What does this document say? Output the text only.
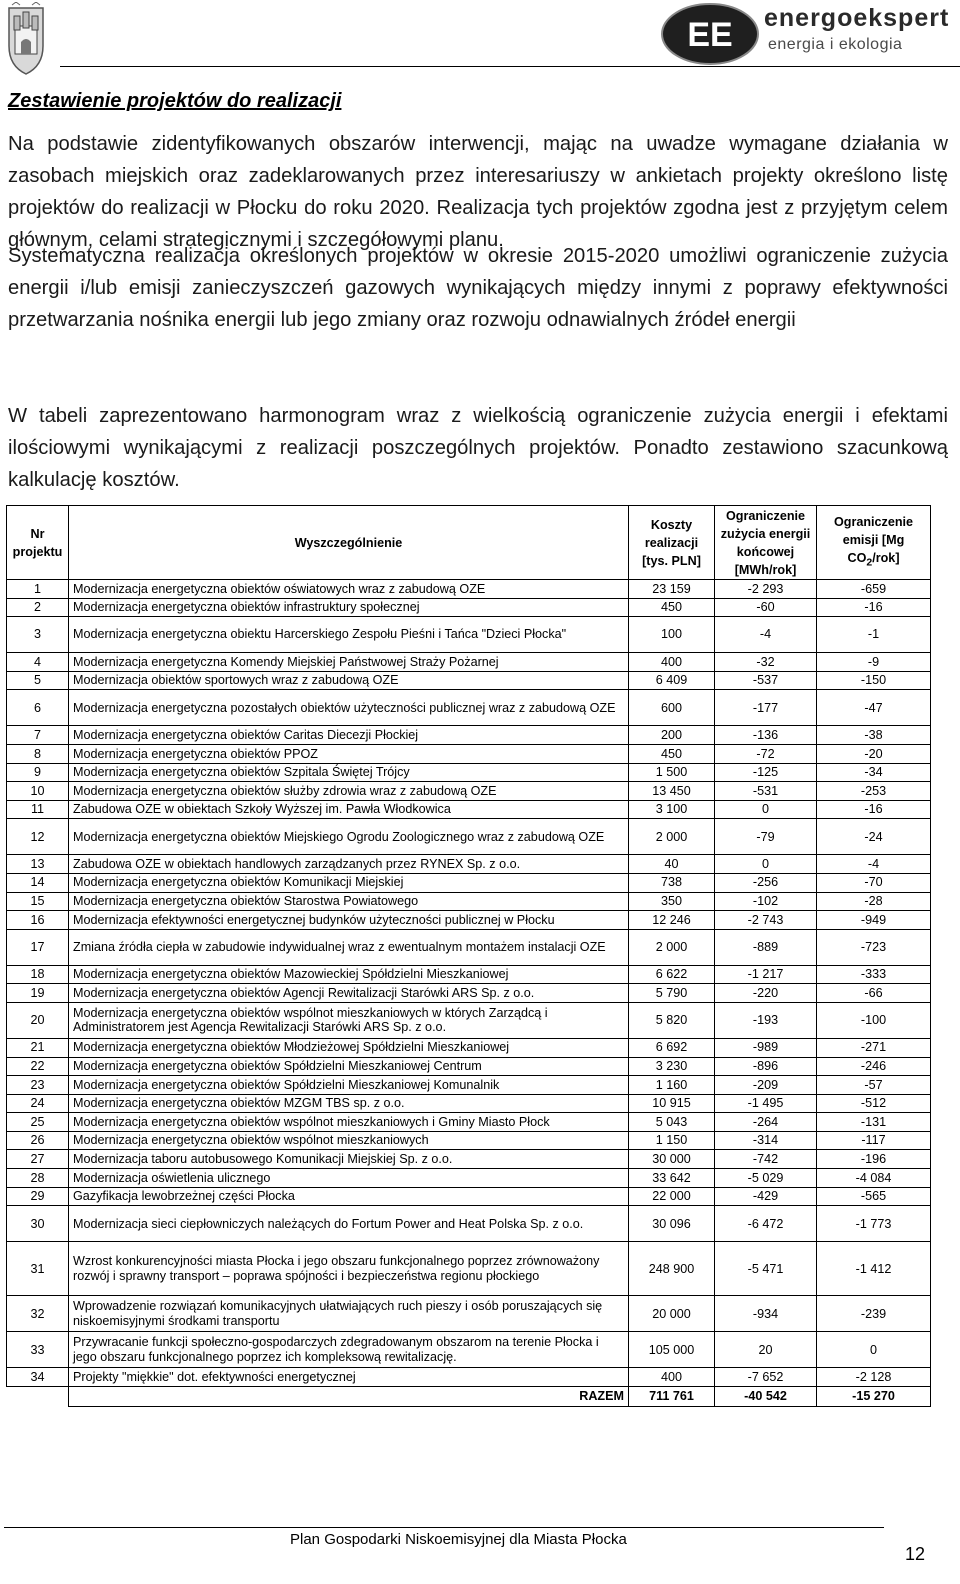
EE energoekspert
energia i ekologia
Zestawienie projektów do realizacji

Na podstawie zidentyfikowanych obszarów interwencji, mając na uwadze wymagane działania w zasobach miejskich oraz zadeklarowanych przez interesariuszy w ankietach projekty określono listę projektów do realizacji w Płocku do roku 2020. Realizacja tych projektów zgodna jest z przyjętym celem głównym, celami strategicznymi i szczegółowymi planu.

Systematyczna realizacja określonych projektów w okresie 2015-2020 umożliwi ograniczenie zużycia energii i/lub emisji zanieczyszczeń gazowych wynikających między innymi z poprawy efektywności przetwarzania nośnika energii lub jego zmiany oraz rozwoju odnawialnych źródeł energii

W tabeli zaprezentowano harmonogram wraz z wielkością ograniczenie zużycia energii i efektami ilościowymi wynikającymi z realizacji poszczególnych projektów. Ponadto zestawiono szacunkową kalkulację kosztów.

Nr projektu	Wyszczególnienie	Koszty realizacji [tys. PLN]	Ograniczenie zużycia energii końcowej [MWh/rok]	Ograniczenie emisji [Mg $CO_2/rok$]
1	Modernizacja energetyczna obiektów oświatowych wraz z zabudową OZE	23 159	-2 293	-659
2	Modernizacja energetyczna obiektów infrastruktury społecznej	450	-60	-16
3	Modernizacja energetyczna obiektu Harcerskiego Zespołu Pieśni i Tańca "Dzieci Płocka"	100	-4	-1
4	Modernizacja energetyczna Komendy Miejskiej Państwowej Straży Pożarnej	400	-32	-9
5	Modernizacja obiektów sportowych wraz z zabudową OZE	6 409	-537	-150
6	Modernizacja energetyczna pozostałych obiektów użyteczności publicznej wraz z zabudową OZE	600	-177	-47
7	Modernizacja energetyczna obiektów Caritas Diecezji Płockiej	200	-136	-38
8	Modernizacja energetyczna obiektów PPOZ	450	-72	-20
9	Modernizacja energetyczna obiektów Szpitala Świętej Trójcy	1 500	-125	-34
10	Modernizacja energetyczna obiektów służby zdrowia wraz z zabudową OZE	13 450	-531	-253
11	Zabudowa OZE w obiektach Szkoły Wyższej im. Pawła Włodkowica	3 100	0	-16
12	Modernizacja energetyczna obiektów Miejskiego Ogrodu Zoologicznego wraz z zabudową OZE	2 000	-79	-24
13	Zabudowa OZE w obiektach handlowych zarządzanych przez RYNEX Sp. z o.o.	40	0	-4
14	Modernizacja energetyczna obiektów Komunikacji Miejskiej	738	-256	-70
15	Modernizacja energetyczna obiektów Starostwa Powiatowego	350	-102	-28
16	Modernizacja efektywności energetycznej budynków użyteczności publicznej w Płocku	12 246	-2 743	-949
17	Zmiana źródła ciepła w zabudowie indywidualnej wraz z ewentualnym montażem instalacji OZE	2 000	-889	-723
18	Modernizacja energetyczna obiektów Mazowieckiej Spółdzielni Mieszkaniowej	6 622	-1 217	-333
19	Modernizacja energetyczna obiektów Agencji Rewitalizacji Starówki ARS Sp. z o.o.	5 790	-220	-66
20	Modernizacja energetyczna obiektów wspólnot mieszkaniowych w których Zarządcą i Administratorem jest Agencja Rewitalizacji Starówki ARS Sp. z o.o.	5 820	-193	-100
21	Modernizacja energetyczna obiektów Młodzieżowej Spółdzielni Mieszkaniowej	6 692	-989	-271
22	Modernizacja energetyczna obiektów Spółdzielni Mieszkaniowej Centrum	3 230	-896	-246
23	Modernizacja energetyczna obiektów Spółdzielni Mieszkaniowej Komunalnik	1 160	-209	-57
24	Modernizacja energetyczna obiektów MZGM TBS sp. z o.o.	10 915	-1 495	-512
25	Modernizacja energetyczna obiektów wspólnot mieszkaniowych i Gminy Miasto Płock	5 043	-264	-131
26	Modernizacja energetyczna obiektów wspólnot mieszkaniowych	1 150	-314	-117
27	Modernizacja taboru autobusowego Komunikacji Miejskiej Sp. z o.o.	30 000	-742	-196
28	Modernizacja oświetlenia ulicznego	33 642	-5 029	-4 084
29	Gazyfikacja lewobrzeżnej części Płocka	22 000	-429	-565
30	Modernizacja sieci ciepłowniczych należących do Fortum Power and Heat Polska Sp. z o.o.	30 096	-6 472	-1 773
31	Wzrost konkurencyjności miasta Płocka i jego obszaru funkcjonalnego poprzez zrównoważony rozwój i sprawny transport – poprawa spójności i bezpieczeństwa regionu płockiego	248 900	-5 471	-1 412
32	Wprowadzenie rozwiązań komunikacyjnych ułatwiających ruch pieszy i osób poruszających się niskoemisyjnymi środkami transportu	20 000	-934	-239
33	Przywracanie funkcji społeczno-gospodarczych zdegradowanym obszarom na terenie Płocka i jego obszaru funkcjonalnego poprzez ich kompleksową rewitalizację.	105 000	20	0
34	Projekty "miękkie" dot. efektywności energetycznej	400	-7 652	-2 128
	RAZEM	711 761	-40 542	-15 270
Plan Gospodarki Niskoemisyjnej dla Miasta Płocka
12
